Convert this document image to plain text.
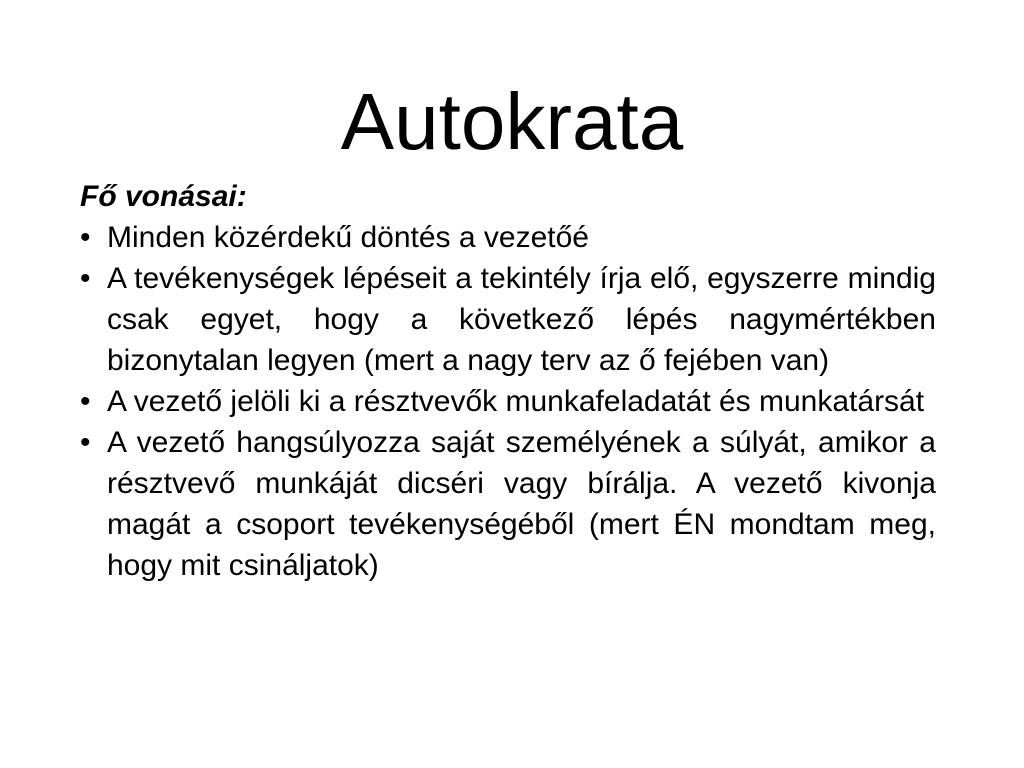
Autokrata

Fő vonásai:

• Minden közérdekű döntés a vezetőé
• A tevékenységek lépéseit a tekintély írja elő, egyszerre mindig csak egyet, hogy a következő lépés nagymértékben bizonytalan legyen (mert a nagy terv az ő fejében van)
• A vezető jelöli ki a résztvevők munkafeladatát és munkatársát
• A vezető hangsúlyozza saját személyének a súlyát, amikor a résztvevő munkáját dicséri vagy bírálja. A vezető kivonja magát a csoport tevékenységéből (mert ÉN mondtam meg, hogy mit csináljatok)
